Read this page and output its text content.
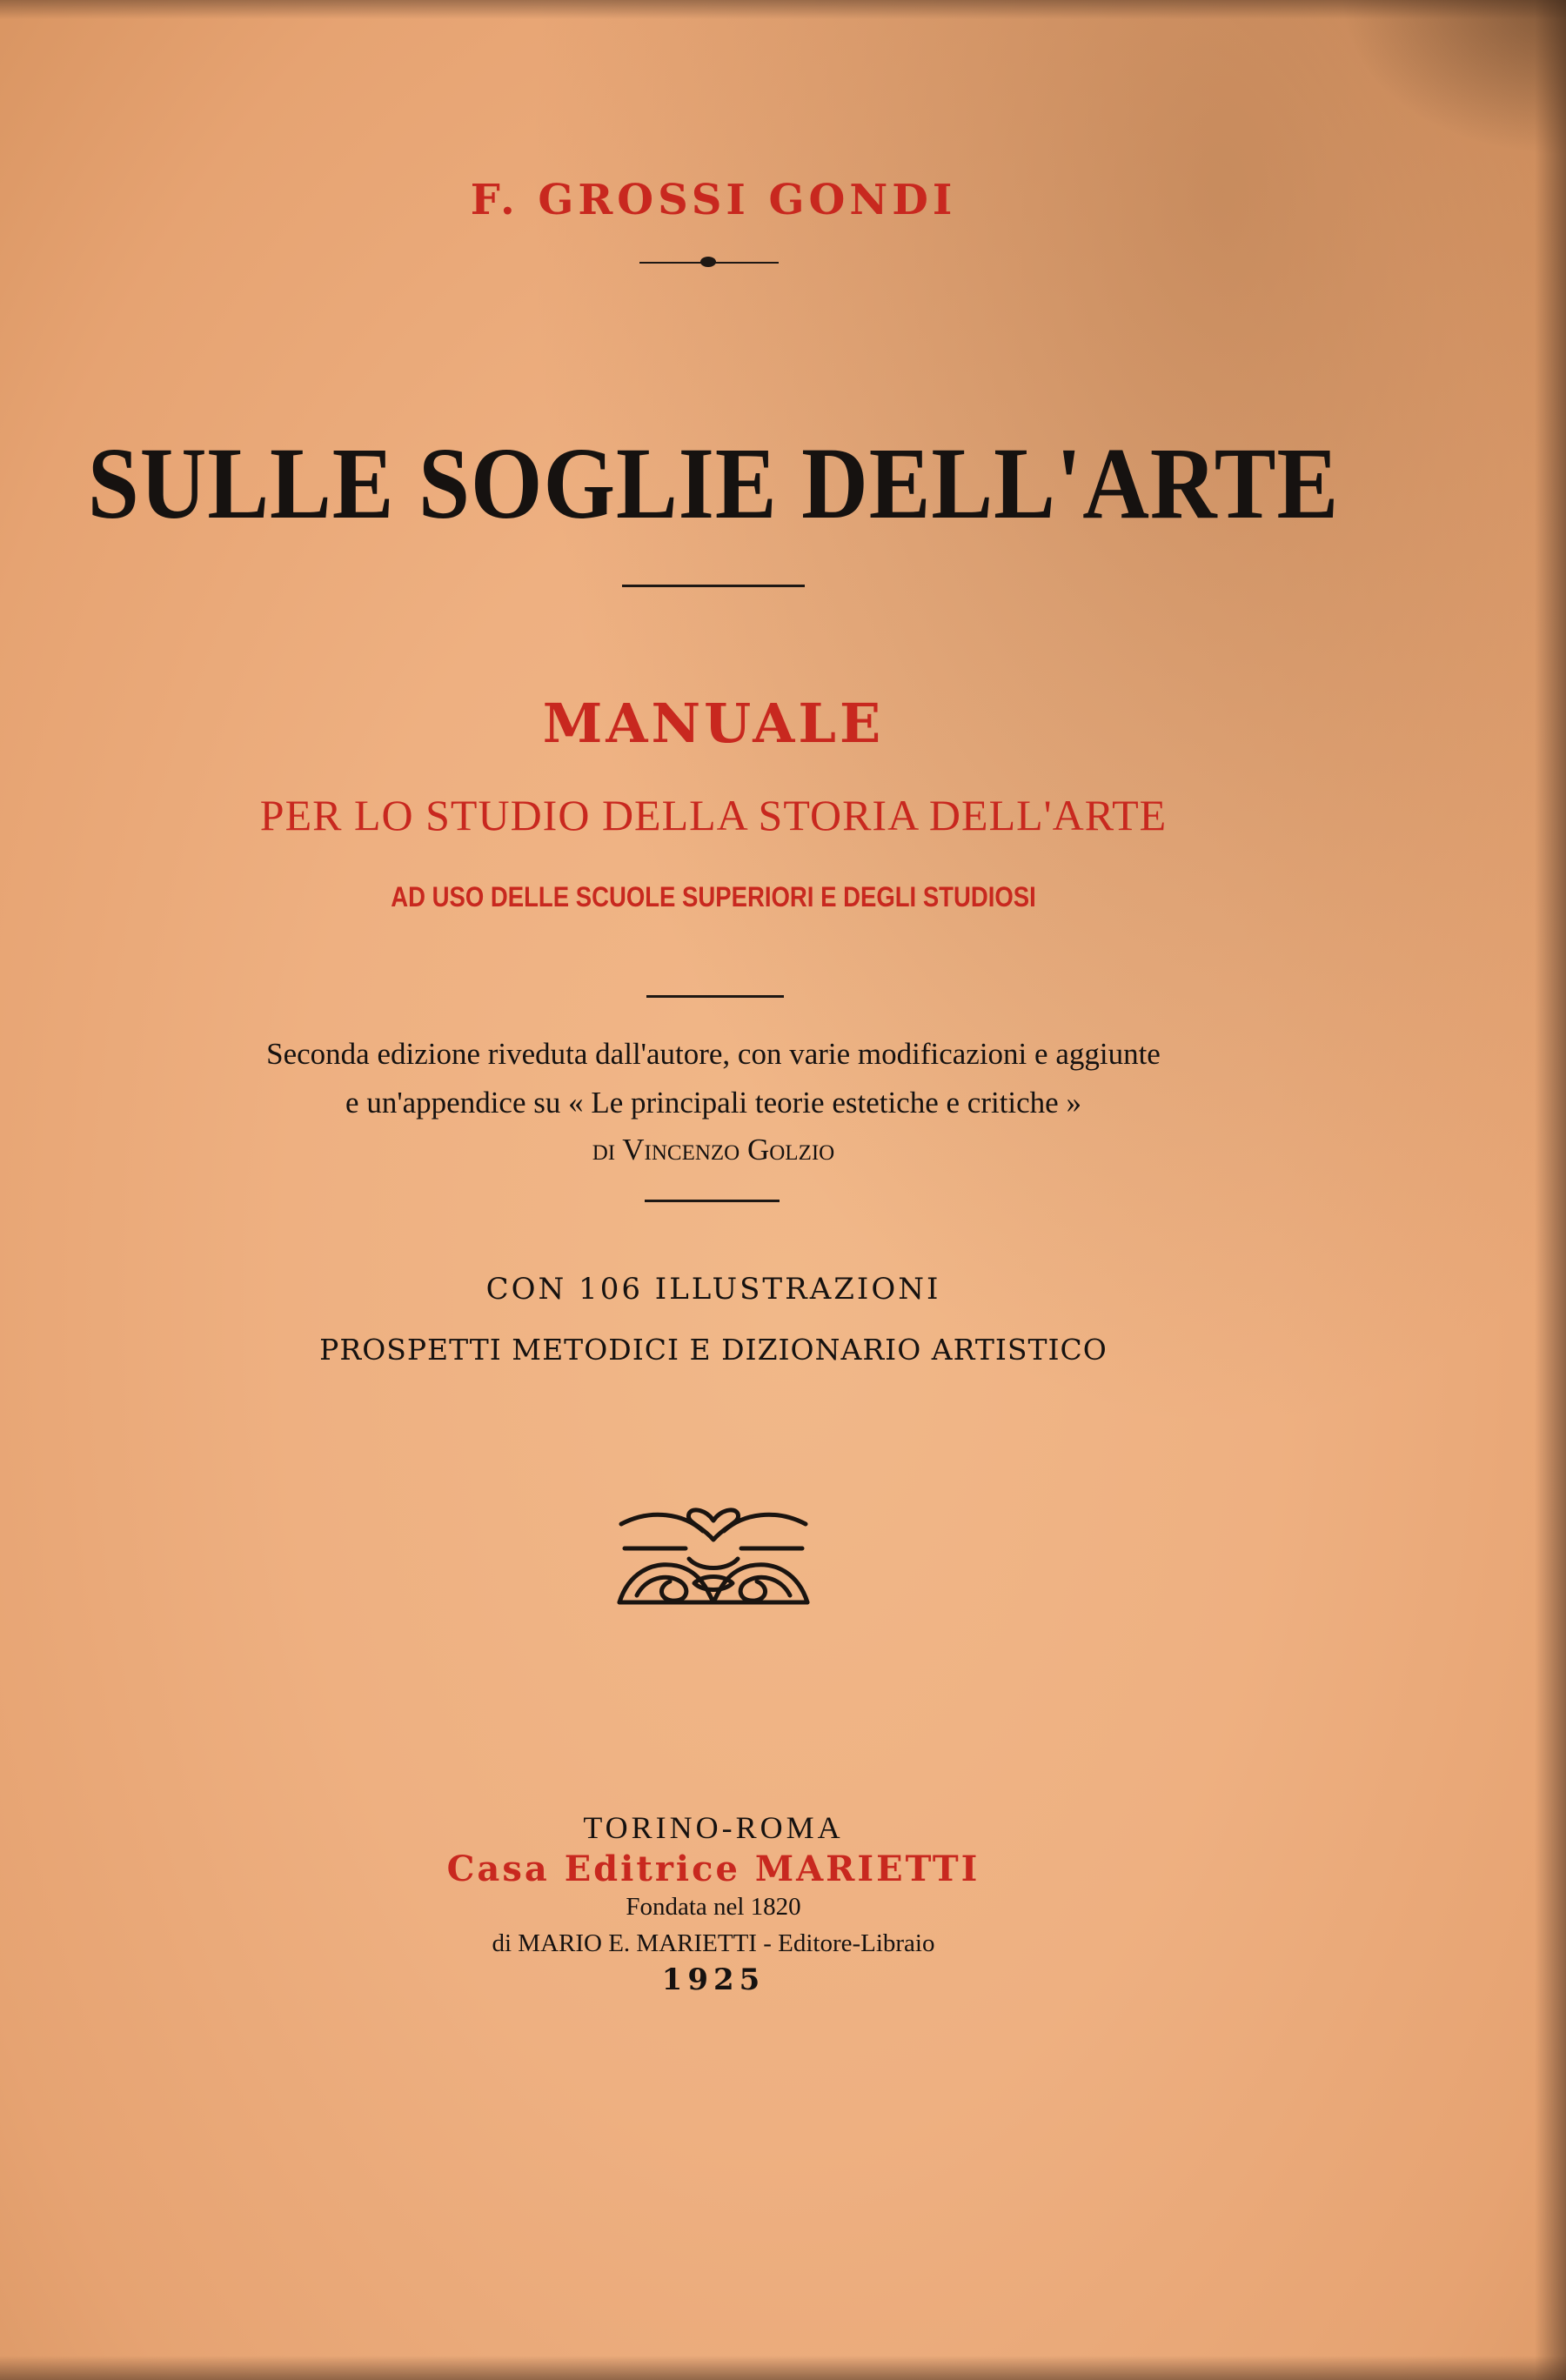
F. GROSSI GONDI
SULLE SOGLIE DELL'ARTE
MANUALE
PER LO STUDIO DELLA STORIA DELL'ARTE
AD USO DELLE SCUOLE SUPERIORI E DEGLI STUDIOSI
Seconda edizione riveduta dall'autore, con varie modificazioni e aggiunte
e un'appendice su « Le principali teorie estetiche e critiche »
di Vincenzo Golzio
CON 106 ILLUSTRAZIONI
PROSPETTI METODICI E DIZIONARIO ARTISTICO
TORINO-ROMA
Casa Editrice MARIETTI
Fondata nel 1820
di MARIO E. MARIETTI - Editore-Libraio
1925
